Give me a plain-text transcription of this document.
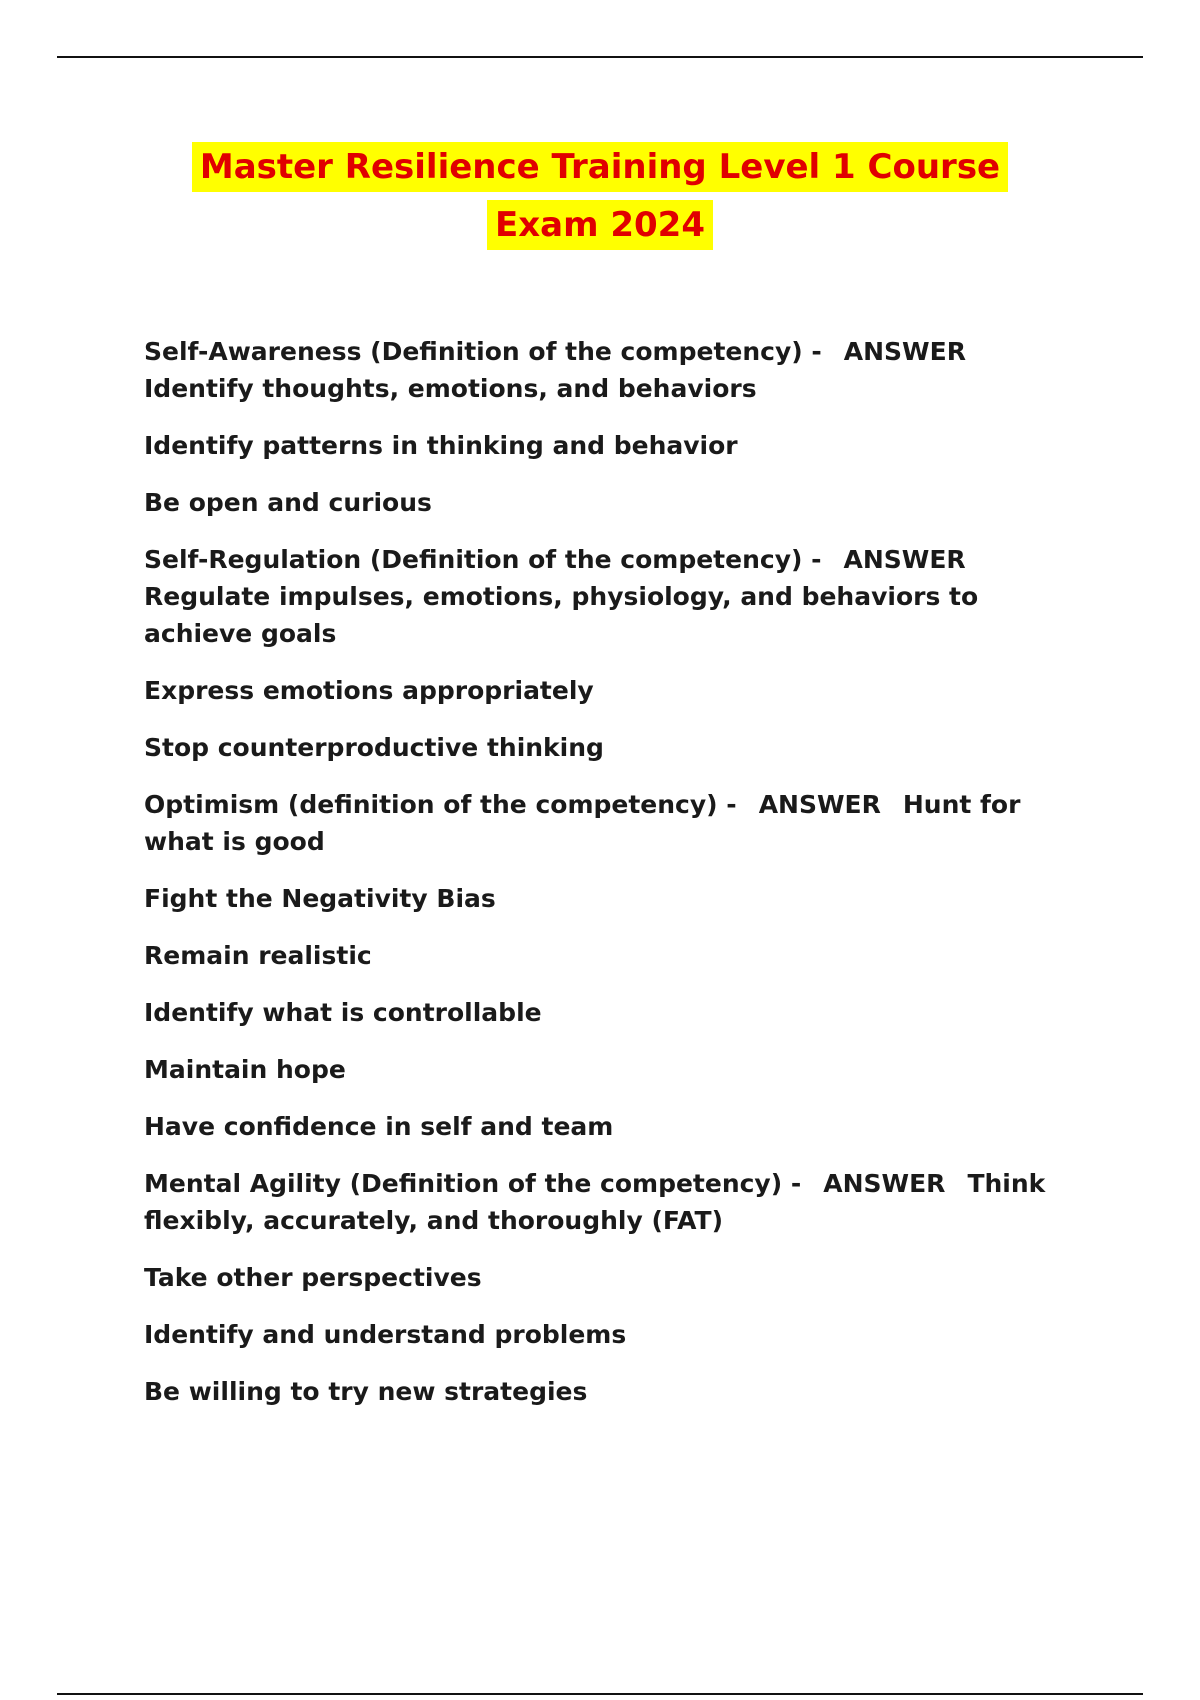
Master Resilience Training Level 1 Course
Exam 2024
Self-Awareness (Definition of the competency) - ANSWERIdentify thoughts, emotions, and behaviors
Identify patterns in thinking and behavior
Be open and curious
Self-Regulation (Definition of the competency) - ANSWER
Regulate impulses, emotions, physiology, and behaviors to achieve goals
Express emotions appropriately
Stop counterproductive thinking
Optimism (definition of the competency) - ANSWER Hunt for what is good
Fight the Negativity Bias
Remain realistic
Identify what is controllable
Maintain hope
Have confidence in self and team
Mental Agility (Definition of the competency) - ANSWER Think flexibly, accurately, and thoroughly (FAT)
Take other perspectives
Identify and understand problems
Be willing to try new strategies
